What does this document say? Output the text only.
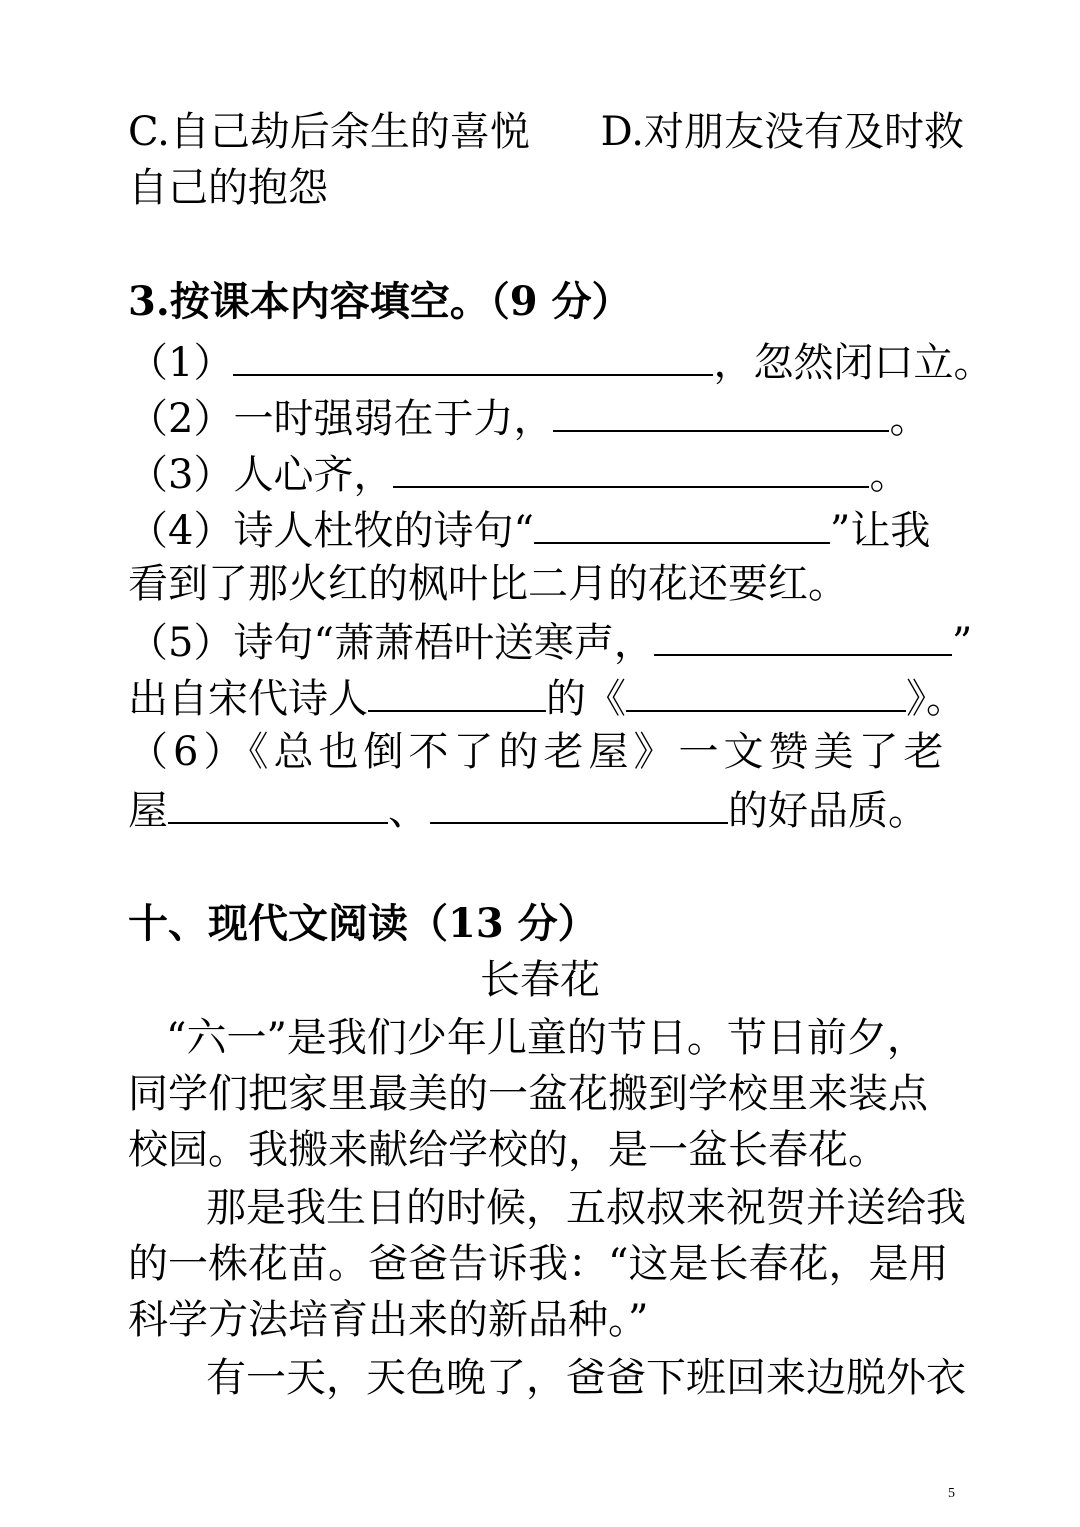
C.自己劫后余生的喜悦 D.对朋友没有及时救
自己的抱怨
3.按课本内容填空。（9 分）
（1）	，忽然闭口立。
（2）一时强弱在于力，	。
（3）人心齐，	。
（4）诗人杜牧的诗句“	”让我
看到了那火红的枫叶比二月的花还要红。
（5）诗句“萧萧梧叶送寒声，	”
出自宋代诗人	的《	》。
（6）《总也倒不了的老屋》一文赞美了老
屋	、	的好品质。
十、现代文阅读（13 分）
长春花
“六一”是我们少年儿童的节日。节日前夕，
同学们把家里最美的一盆花搬到学校里来装点
校园。我搬来献给学校的，是一盆长春花。
那是我生日的时候，五叔叔来祝贺并送给我
的一株花苗。爸爸告诉我：“这是长春花，是用
科学方法培育出来的新品种。”
有一天，天色晚了，爸爸下班回来边脱外衣
5
